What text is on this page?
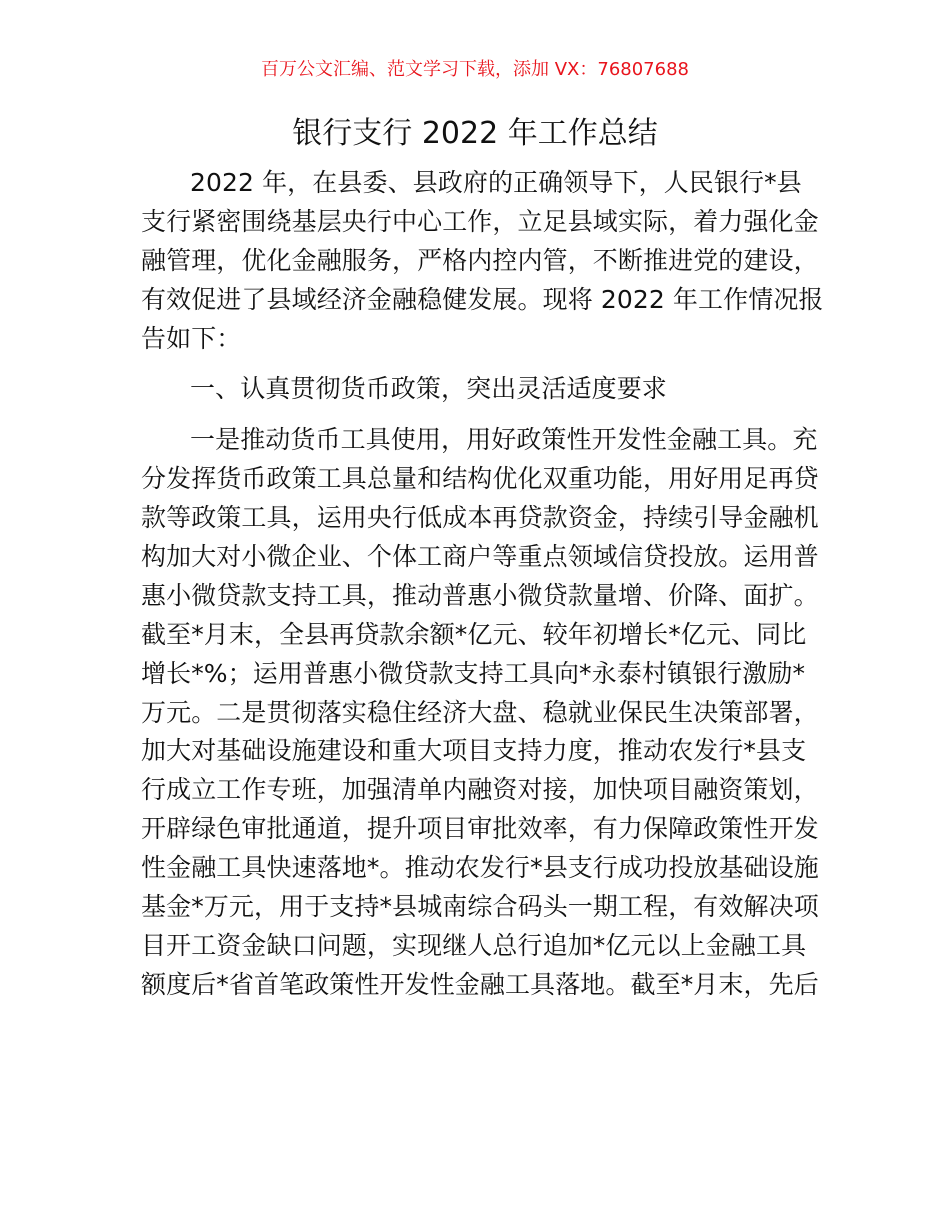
百万公文汇编、范文学习下载，添加 VX：76807688
银行支行 2022 年工作总结
2022 年，在县委、县政府的正确领导下，人民银行*县
支行紧密围绕基层央行中心工作，立足县域实际，着力强化金
融管理，优化金融服务，严格内控内管，不断推进党的建设，
有效促进了县域经济金融稳健发展。现将 2022 年工作情况报
告如下：
一、认真贯彻货币政策，突出灵活适度要求
一是推动货币工具使用，用好政策性开发性金融工具。充
分发挥货币政策工具总量和结构优化双重功能，用好用足再贷
款等政策工具，运用央行低成本再贷款资金，持续引导金融机
构加大对小微企业、个体工商户等重点领域信贷投放。运用普
惠小微贷款支持工具，推动普惠小微贷款量增、价降、面扩。
截至*月末，全县再贷款余额*亿元、较年初增长*亿元、同比
增长*%；运用普惠小微贷款支持工具向*永泰村镇银行激励*
万元。二是贯彻落实稳住经济大盘、稳就业保民生决策部署，
加大对基础设施建设和重大项目支持力度，推动农发行*县支
行成立工作专班，加强清单内融资对接，加快项目融资策划，
开辟绿色审批通道，提升项目审批效率，有力保障政策性开发
性金融工具快速落地*。推动农发行*县支行成功投放基础设施
基金*万元，用于支持*县城南综合码头一期工程，有效解决项
目开工资金缺口问题，实现继人总行追加*亿元以上金融工具
额度后*省首笔政策性开发性金融工具落地。截至*月末，先后
